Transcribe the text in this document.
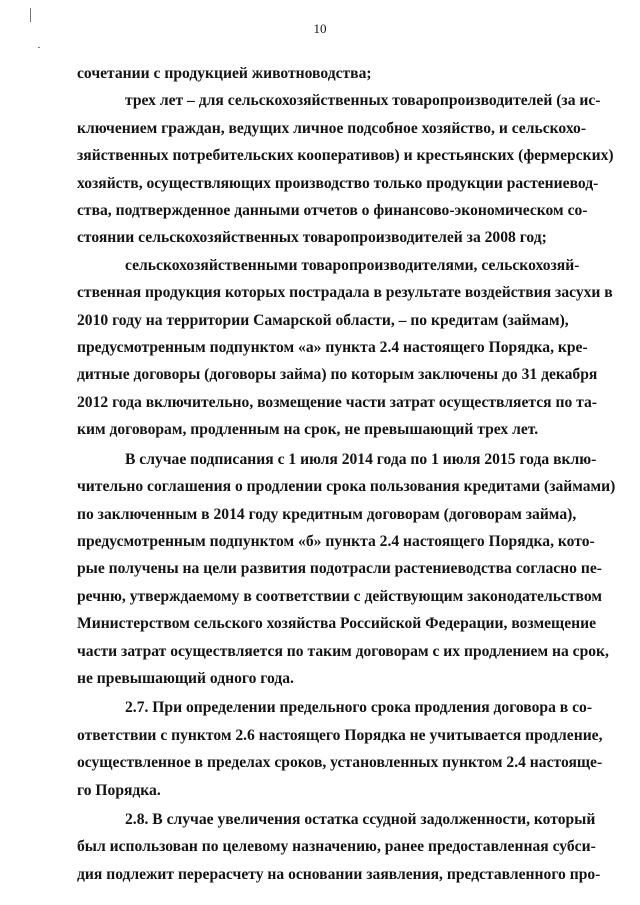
10
сочетании с продукцией животноводства;
трех лет – для сельскохозяйственных товаропроизводителей (за ис-
ключением граждан, ведущих личное подсобное хозяйство, и сельскохо-
зяйственных потребительских кооперативов) и крестьянских (фермерских)
хозяйств, осуществляющих производство только продукции растениевод-
ства, подтвержденное данными отчетов о финансово-экономическом со-
стоянии сельскохозяйственных товаропроизводителей за 2008 год;
сельскохозяйственными товаропроизводителями, сельскохозяй-
ственная продукция которых пострадала в результате воздействия засухи в
2010 году на территории Самарской области, – по кредитам (займам),
предусмотренным подпунктом «а» пункта 2.4 настоящего Порядка, кре-
дитные договоры (договоры займа) по которым заключены до 31 декабря
2012 года включительно, возмещение части затрат осуществляется по та-
ким договорам, продленным на срок, не превышающий трех лет.
В случае подписания с 1 июля 2014 года по 1 июля 2015 года вклю-
чительно соглашения о продлении срока пользования кредитами (займами)
по заключенным в 2014 году кредитным договорам (договорам займа),
предусмотренным подпунктом «б» пункта 2.4 настоящего Порядка, кото-
рые получены на цели развития подотрасли растениеводства согласно пе-
речню, утверждаемому в соответствии с действующим законодательством
Министерством сельского хозяйства Российской Федерации, возмещение
части затрат осуществляется по таким договорам с их продлением на срок,
не превышающий одного года.
2.7. При определении предельного срока продления договора в со-
ответствии с пунктом 2.6 настоящего Порядка не учитывается продление,
осуществленное в пределах сроков, установленных пунктом 2.4 настояще-
го Порядка.
2.8. В случае увеличения остатка ссудной задолженности, который
был использован по целевому назначению, ранее предоставленная субси-
дия подлежит перерасчету на основании заявления, представленного про-
